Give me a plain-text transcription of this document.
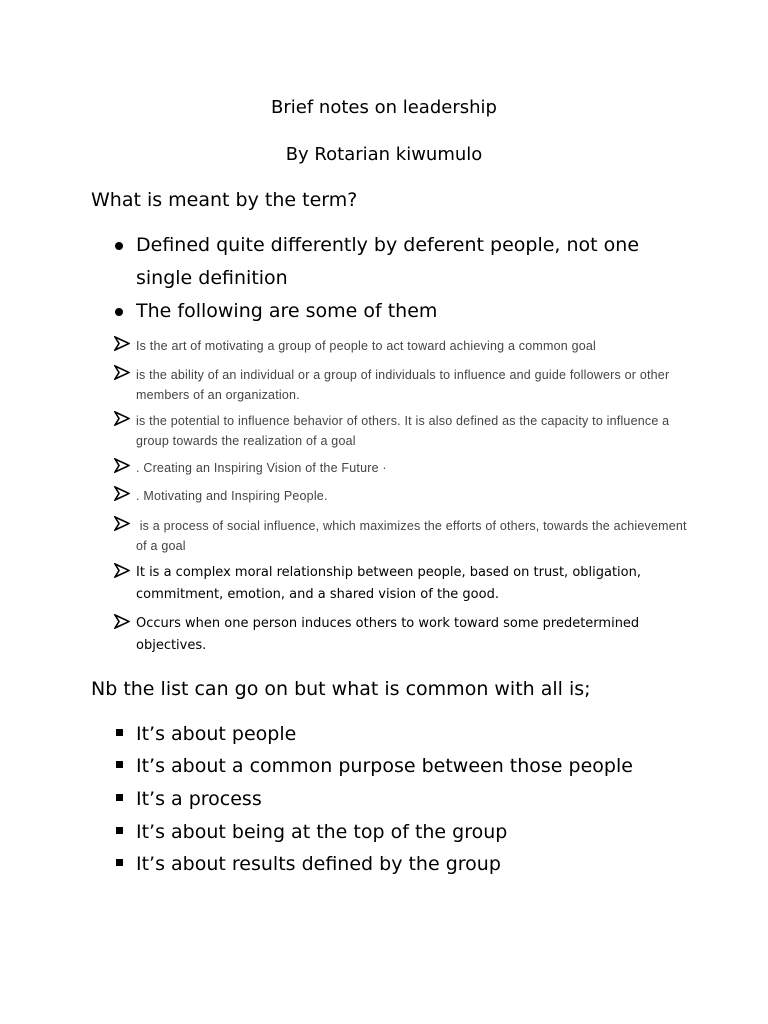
Brief notes on leadership
By Rotarian kiwumulo
What is meant by the term?

Defined quite differently by deferent people, not one single definition

The following are some of them

Is the art of motivating a group of people to act toward achieving a common goal

is the ability of an individual or a group of individuals to influence and guide followers or other members of an organization.

is the potential to influence behavior of others. It is also defined as the capacity to influence a group towards the realization of a goal

. Creating an Inspiring Vision of the Future ·

. Motivating and Inspiring People.

is a process of social influence, which maximizes the efforts of others, towards the achievement of a goal

It is a complex moral relationship between people, based on trust, obligation, commitment, emotion, and a shared vision of the good.

Occurs when one person induces others to work toward some predetermined objectives.

Nb the list can go on but what is common with all is;

It’s about people

It’s about a common purpose between those people

It’s a process

It’s about being at the top of the group

It’s about results defined by the group
